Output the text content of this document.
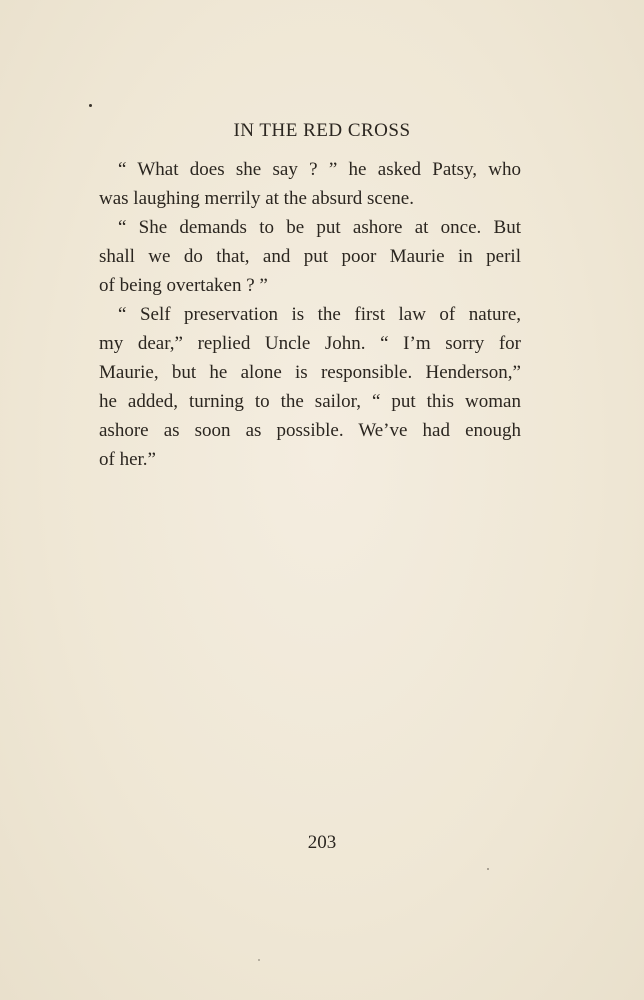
IN THE RED CROSS
“ What does she say ? ” he asked Patsy, who
was laughing merrily at the absurd scene.
“ She demands to be put ashore at once. But
shall we do that, and put poor Maurie in peril
of being overtaken ? ”
“ Self preservation is the first law of nature,
my dear,” replied Uncle John. “ I’m sorry for
Maurie, but he alone is responsible. Henderson,”
he added, turning to the sailor, “ put this woman
ashore as soon as possible. We’ve had enough
of her.”
203
